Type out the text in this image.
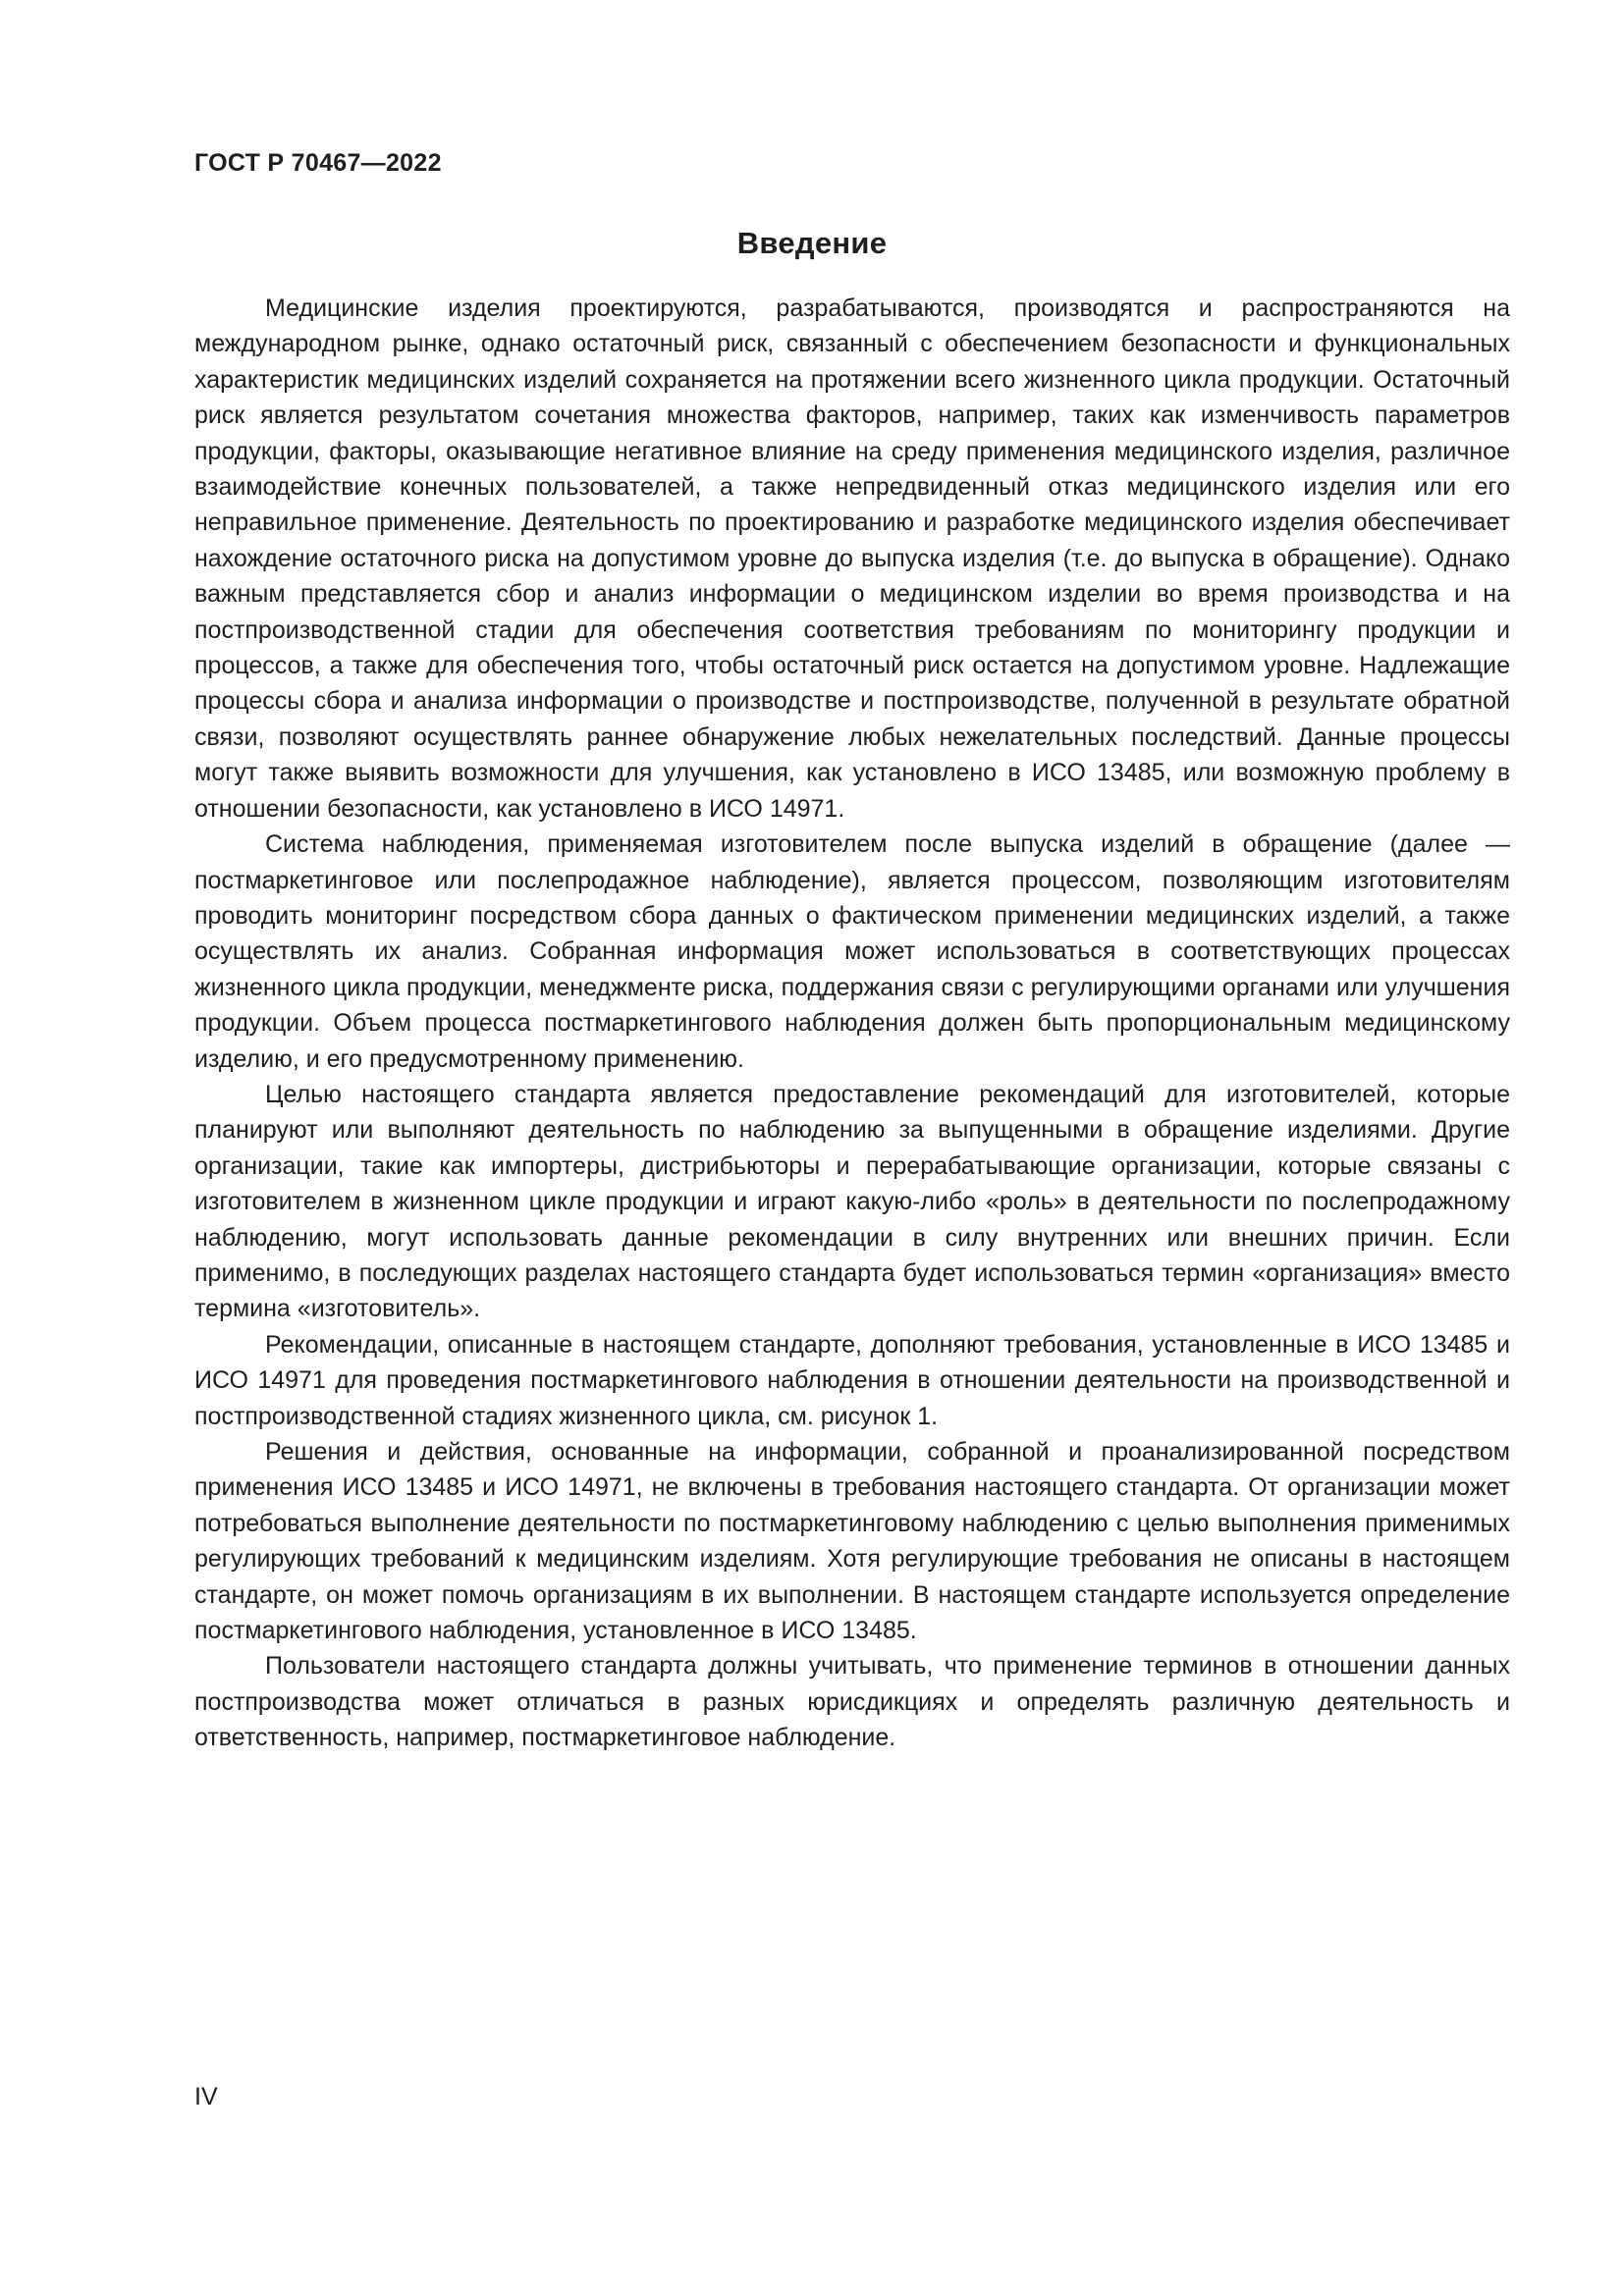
ГОСТ Р 70467—2022
Введение

Медицинские изделия проектируются, разрабатываются, производятся и распространяются на международном рынке, однако остаточный риск, связанный с обеспечением безопасности и функциональных характеристик медицинских изделий сохраняется на протяжении всего жизненного цикла продукции. Остаточный риск является результатом сочетания множества факторов, например, таких как изменчивость параметров продукции, факторы, оказывающие негативное влияние на среду применения медицинского изделия, различное взаимодействие конечных пользователей, а также непредвиденный отказ медицинского изделия или его неправильное применение. Деятельность по проектированию и разработке медицинского изделия обеспечивает нахождение остаточного риска на допустимом уровне до выпуска изделия (т.е. до выпуска в обращение). Однако важным представляется сбор и анализ информации о медицинском изделии во время производства и на постпроизводственной стадии для обеспечения соответствия требованиям по мониторингу продукции и процессов, а также для обеспечения того, чтобы остаточный риск остается на допустимом уровне. Надлежащие процессы сбора и анализа информации о производстве и постпроизводстве, полученной в результате обратной связи, позволяют осуществлять раннее обнаружение любых нежелательных последствий. Данные процессы могут также выявить возможности для улучшения, как установлено в ИСО 13485, или возможную проблему в отношении безопасности, как установлено в ИСО 14971.

Система наблюдения, применяемая изготовителем после выпуска изделий в обращение (далее — постмаркетинговое или послепродажное наблюдение), является процессом, позволяющим изготовителям проводить мониторинг посредством сбора данных о фактическом применении медицинских изделий, а также осуществлять их анализ. Собранная информация может использоваться в соответствующих процессах жизненного цикла продукции, менеджменте риска, поддержания связи с регулирующими органами или улучшения продукции. Объем процесса постмаркетингового наблюдения должен быть пропорциональным медицинскому изделию, и его предусмотренному применению.

Целью настоящего стандарта является предоставление рекомендаций для изготовителей, которые планируют или выполняют деятельность по наблюдению за выпущенными в обращение изделиями. Другие организации, такие как импортеры, дистрибьюторы и перерабатывающие организации, которые связаны с изготовителем в жизненном цикле продукции и играют какую-либо «роль» в деятельности по послепродажному наблюдению, могут использовать данные рекомендации в силу внутренних или внешних причин. Если применимо, в последующих разделах настоящего стандарта будет использоваться термин «организация» вместо термина «изготовитель».

Рекомендации, описанные в настоящем стандарте, дополняют требования, установленные в ИСО 13485 и ИСО 14971 для проведения постмаркетингового наблюдения в отношении деятельности на производственной и постпроизводственной стадиях жизненного цикла, см. рисунок 1.

Решения и действия, основанные на информации, собранной и проанализированной посредством применения ИСО 13485 и ИСО 14971, не включены в требования настоящего стандарта. От организации может потребоваться выполнение деятельности по постмаркетинговому наблюдению с целью выполнения применимых регулирующих требований к медицинским изделиям. Хотя регулирующие требования не описаны в настоящем стандарте, он может помочь организациям в их выполнении. В настоящем стандарте используется определение постмаркетингового наблюдения, установленное в ИСО 13485.

Пользователи настоящего стандарта должны учитывать, что применение терминов в отношении данных постпроизводства может отличаться в разных юрисдикциях и определять различную деятельность и ответственность, например, постмаркетинговое наблюдение.

IV
